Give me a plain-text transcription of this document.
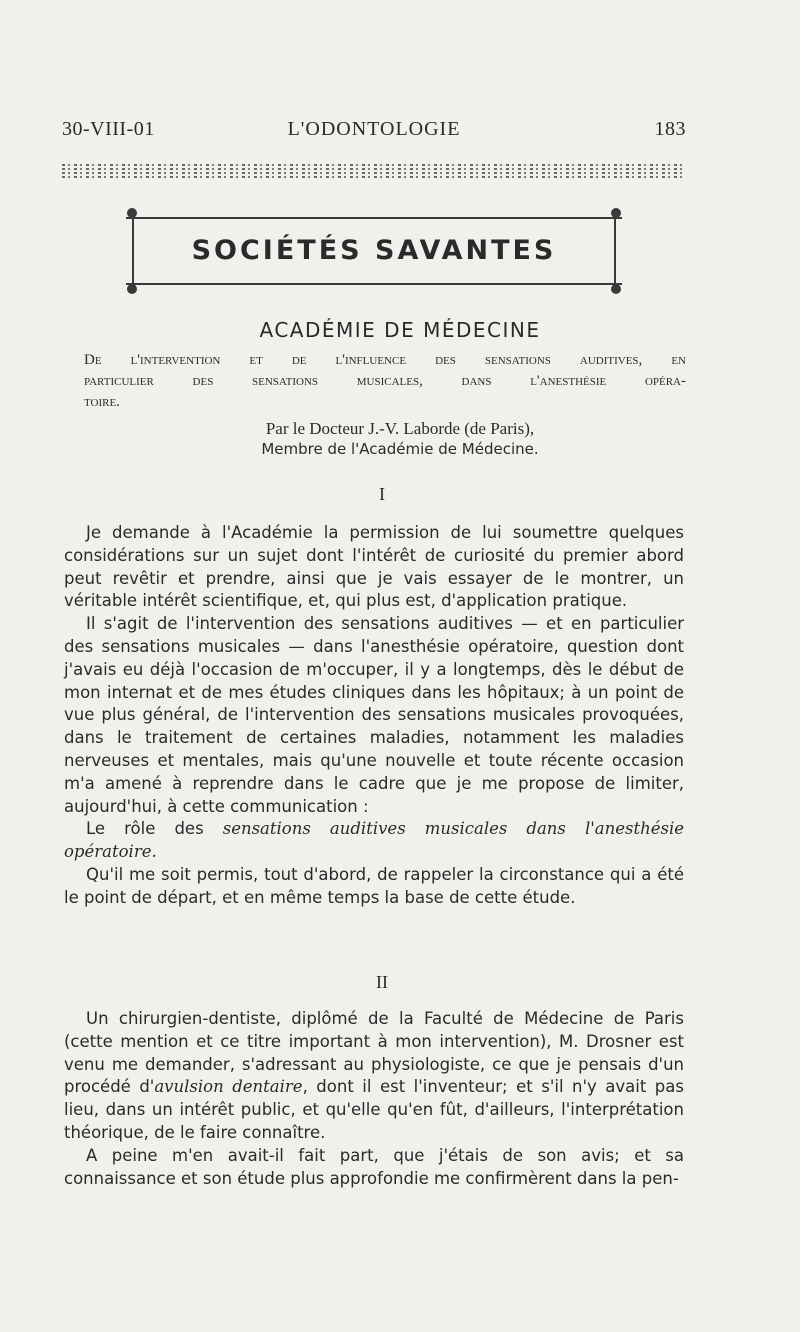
30-VIII-01	L'ODONTOLOGIE	183
SOCIÉTÉS SAVANTES
ACADÉMIE DE MÉDECINE
De l'intervention et de l'influence des sensations auditives, en
particulier des sensations musicales, dans l'anesthésie opéra-
toire.
Par le Docteur J.-V. Laborde (de Paris),
Membre de l'Académie de Médecine.
I

Je demande à l'Académie la permission de lui soumettre quelques considérations sur un sujet dont l'intérêt de curiosité du premier abord peut revêtir et prendre, ainsi que je vais essayer de le montrer, un véritable intérêt scientifique, et, qui plus est, d'application pratique.

Il s'agit de l'intervention des sensations auditives — et en particulier des sensations musicales — dans l'anesthésie opératoire, question dont j'avais eu déjà l'occasion de m'occuper, il y a longtemps, dès le début de mon internat et de mes études cliniques dans les hôpitaux; à un point de vue plus général, de l'intervention des sensations musicales provoquées, dans le traitement de certaines maladies, notamment les maladies nerveuses et mentales, mais qu'une nouvelle et toute récente occasion m'a amené à reprendre dans le cadre que je me propose de limiter, aujourd'hui, à cette communication :

Le rôle des sensations auditives musicales dans l'anesthésie opératoire.

Qu'il me soit permis, tout d'abord, de rappeler la circonstance qui a été le point de départ, et en même temps la base de cette étude.

II

Un chirurgien-dentiste, diplômé de la Faculté de Médecine de Paris (cette mention et ce titre important à mon intervention), M. Drosner est venu me demander, s'adressant au physiologiste, ce que je pensais d'un procédé d'avulsion dentaire, dont il est l'inventeur; et s'il n'y avait pas lieu, dans un intérêt public, et qu'elle qu'en fût, d'ailleurs, l'interprétation théorique, de le faire connaître.

A peine m'en avait-il fait part, que j'étais de son avis; et sa connaissance et son étude plus approfondie me confirmèrent dans la pen-
